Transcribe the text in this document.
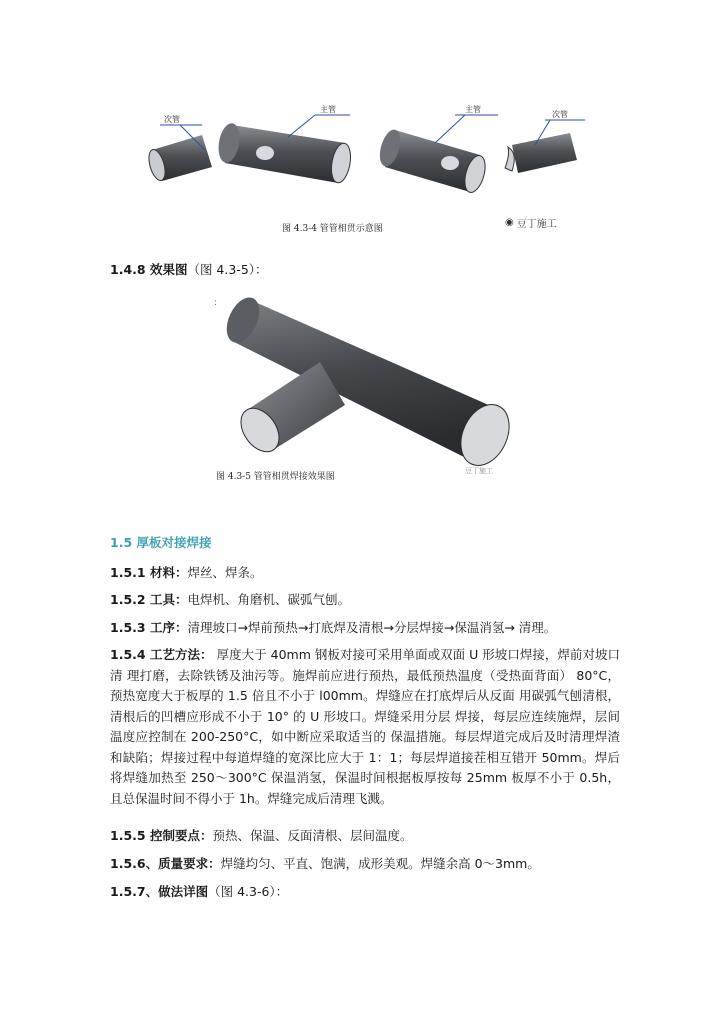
次管
主管	主管
次管
图 4.3-4 管管相贯示意图
◉ 豆丁施工
1.4.8 效果图（图 4.3-5）：
:
图 4.3-5 管管相贯焊接效果图
豆丁施工
1.5 厚板对接焊接
1.5.1 材料：焊丝、焊条。
1.5.2 工具：电焊机、角磨机、碳弧气刨。
1.5.3 工序：清理坡口→焊前预热→打底焊及清根→分层焊接→保温消氢→ 清理。
1.5.4 工艺方法： 厚度大于 40mm 钢板对接可采用单面或双面 U 形坡口焊接，焊前对坡口清 理打磨，去除铁锈及油污等。施焊前应进行预热，最低预热温度（受热面背面） 80°C，预热宽度大于板厚的 1.5 倍且不小于 l00mm。焊缝应在打底焊后从反面 用碳弧气刨清根，清根后的凹槽应形成不小于 10° 的 U 形坡口。焊缝采用分层 焊接，每层应连续施焊，层间温度应控制在 200-250°C，如中断应采取适当的 保温措施。每层焊道完成后及时清理焊渣和缺陷；焊接过程中每道焊缝的宽深比应大于 1：1；每层焊道接茬相互错开 50mm。焊后将焊缝加热至 250～300°C 保温消氢，保温时间根据板厚按每 25mm 板厚不小于 0.5h，且总保温时间不得小于 1h。焊缝完成后清理飞溅。
1.5.5 控制要点：预热、保温、反面清根、层间温度。
1.5.6、质量要求：焊缝均匀、平直、饱满，成形美观。焊缝余高 0～3mm。
1.5.7、做法详图（图 4.3-6）：
